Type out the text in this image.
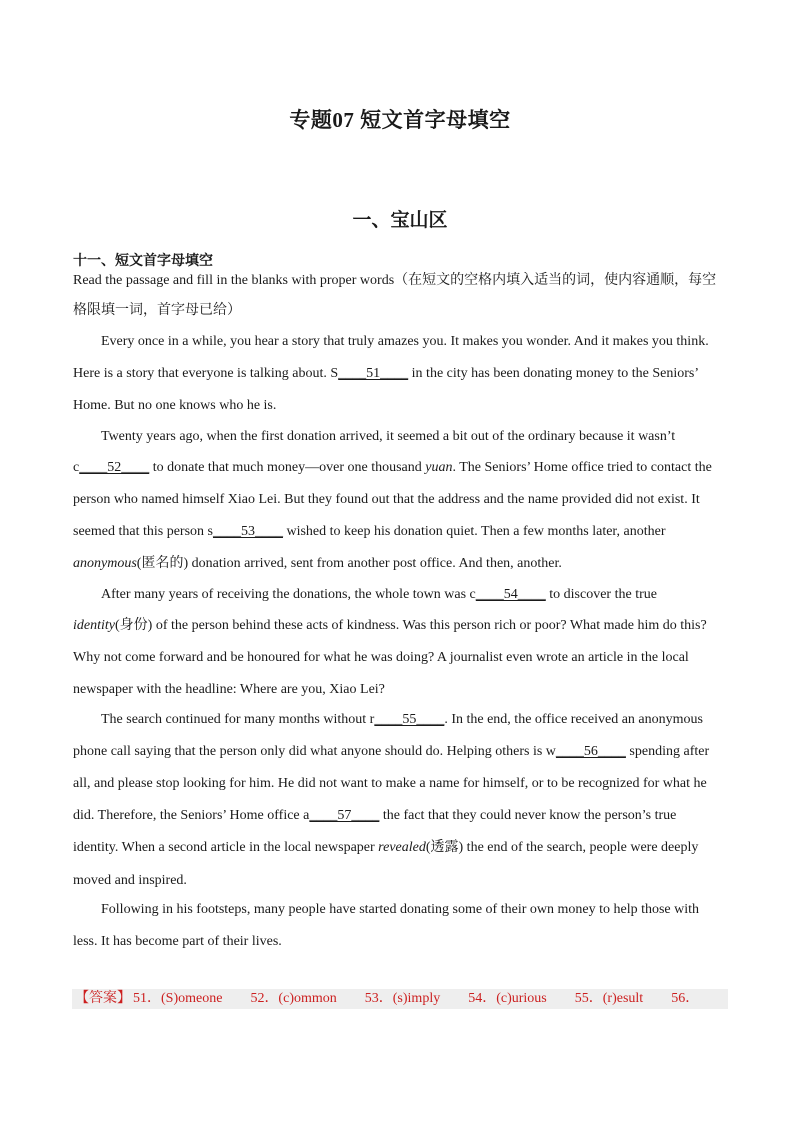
专题07 短文首字母填空
一、宝山区
十一、短文首字母填空
Read the passage and fill in the blanks with proper words（在短文的空格内填入适当的词，使内容通顺，每空
格限填一词，首字母已给）
Every once in a while, you hear a story that truly amazes you. It makes you wonder. And it makes you think.
Here is a story that everyone is talking about. S____51____ in the city has been donating money to the Seniors’
Home. But no one knows who he is.
Twenty years ago, when the first donation arrived, it seemed a bit out of the ordinary because it wasn’t
c____52____ to donate that much money—over one thousand yuan. The Seniors’ Home office tried to contact the
person who named himself Xiao Lei. But they found out that the address and the name provided did not exist. It
seemed that this person s____53____ wished to keep his donation quiet. Then a few months later, another
anonymous(匿名的) donation arrived, sent from another post office. And then, another.
After many years of receiving the donations, the whole town was c____54____ to discover the true
identity(身份) of the person behind these acts of kindness. Was this person rich or poor? What made him do this?
Why not come forward and be honoured for what he was doing? A journalist even wrote an article in the local
newspaper with the headline: Where are you, Xiao Lei?
The search continued for many months without r____55____. In the end, the office received an anonymous
phone call saying that the person only did what anyone should do. Helping others is w____56____ spending after
all, and please stop looking for him. He did not want to make a name for himself, or to be recognized for what he
did. Therefore, the Seniors’ Home office a____57____ the fact that they could never know the person’s true
identity. When a second article in the local newspaper revealed(透露) the end of the search, people were deeply
moved and inspired.
Following in his footsteps, many people have started donating some of their own money to help those with
less. It has become part of their lives.
【答案】 51．(S)omeone 52．(c)ommon 53．(s)imply 54．(c)urious 55．(r)esult 56．
